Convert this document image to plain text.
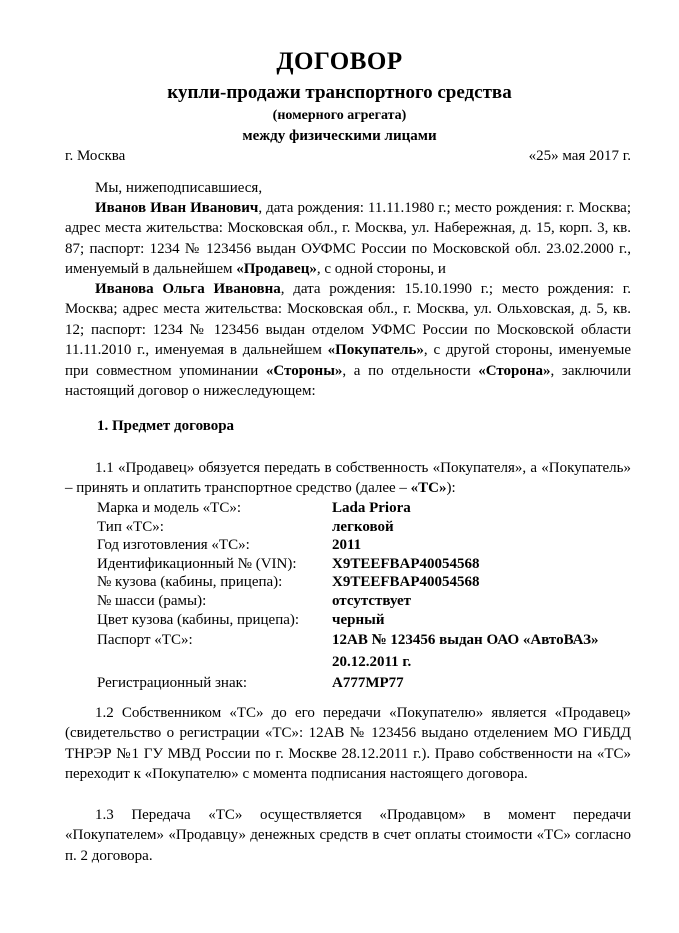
ДОГОВОР
купли-продажи транспортного средства
(номерного агрегата)
между физическими лицами
г. Москва	«25» мая 2017 г.

Мы, нижеподписавшиеся,

Иванов Иван Иванович, дата рождения: 11.11.1980 г.; место рождения: г. Москва; адрес места жительства: Московская обл., г. Москва, ул. Набережная, д. 15, корп. 3, кв. 87; паспорт: 1234 № 123456 выдан ОУФМС России по Московской обл. 23.02.2000 г., именуемый в дальнейшем «Продавец», с одной стороны, и

Иванова Ольга Ивановна, дата рождения: 15.10.1990 г.; место рождения: г. Москва; адрес места жительства: Московская обл., г. Москва, ул. Ольховская, д. 5, кв. 12; паспорт: 1234 № 123456 выдан отделом УФМС России по Московской области 11.11.2010 г., именуемая в дальнейшем «Покупатель», с другой стороны, именуемые при совместном упоминании «Стороны», а по отдельности «Сторона», заключили настоящий договор о нижеследующем:

1. Предмет договора

1.1 «Продавец» обязуется передать в собственность «Покупателя», а «Покупатель» – принять и оплатить транспортное средство (далее – «ТС»):

Марка и модель «ТС»:	Lada Priora
Тип «ТС»:	легковой
Год изготовления «ТС»:	2011
Идентификационный № (VIN):	X9TEEFBAP40054568
№ кузова (кабины, прицепа):	X9TEEFBAP40054568
№ шасси (рамы):	отсутствует
Цвет кузова (кабины, прицепа):	черный
Паспорт «ТС»:	12АВ № 123456 выдан ОАО «АвтоВАЗ»
20.12.2011 г.
Регистрационный знак:	А777МР77

1.2 Собственником «ТС» до его передачи «Покупателю» является «Продавец» (свидетельство о регистрации «ТС»: 12АВ № 123456 выдано отделением МО ГИБДД ТНРЭР №1 ГУ МВД России по г. Москве 28.12.2011 г.). Право собственности на «ТС» переходит к «Покупателю» с момента подписания настоящего договора.

1.3 Передача «ТС» осуществляется «Продавцом» в момент передачи «Покупателем» «Продавцу» денежных средств в счет оплаты стоимости «ТС» согласно п. 2 договора.
